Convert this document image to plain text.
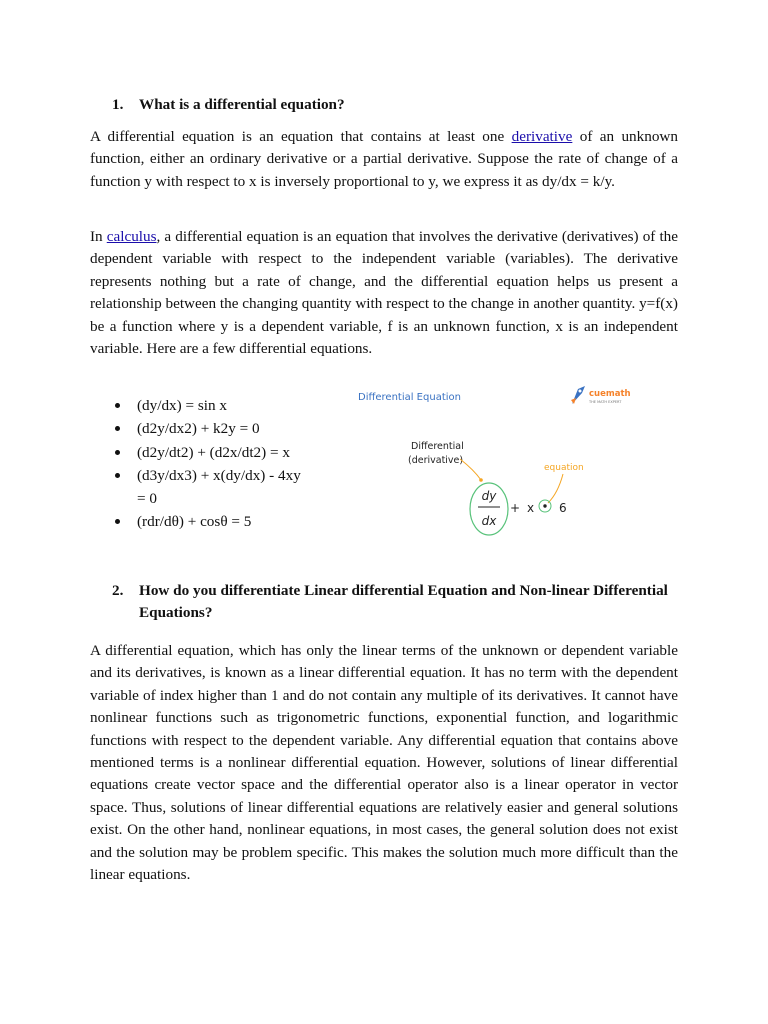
1. What is a differential equation?

A differential equation is an equation that contains at least one derivative of an unknown function, either an ordinary derivative or a partial derivative. Suppose the rate of change of a function y with respect to x is inversely proportional to y, we express it as dy/dx = k/y.

In calculus, a differential equation is an equation that involves the derivative (derivatives) of the dependent variable with respect to the independent variable (variables). The derivative represents nothing but a rate of change, and the differential equation helps us present a relationship between the changing quantity with respect to the change in another quantity. y=f(x) be a function where y is a dependent variable, f is an unknown function, x is an independent variable. Here are a few differential equations.

(dy/dx) = sin x
(d2y/dx2) + k2y = 0
(d2y/dt2) + (d2x/dt2) = x
(d3y/dx3) + x(dy/dx) - 4xy = 0
(rdr/dθ) + cosθ = 5
Differential Equation	cuemath
THE MATH EXPERT
Differential
(derivative)
equation
dy
dx
+ x 6
2. How do you differentiate Linear differential Equation and Non-linear Differential Equations?

A differential equation, which has only the linear terms of the unknown or dependent variable and its derivatives, is known as a linear differential equation. It has no term with the dependent variable of index higher than 1 and do not contain any multiple of its derivatives. It cannot have nonlinear functions such as trigonometric functions, exponential function, and logarithmic functions with respect to the dependent variable. Any differential equation that contains above mentioned terms is a nonlinear differential equation. However, solutions of linear differential equations create vector space and the differential operator also is a linear operator in vector space. Thus, solutions of linear differential equations are relatively easier and general solutions exist. On the other hand, nonlinear equations, in most cases, the general solution does not exist and the solution may be problem specific. This makes the solution much more difficult than the linear equations.
